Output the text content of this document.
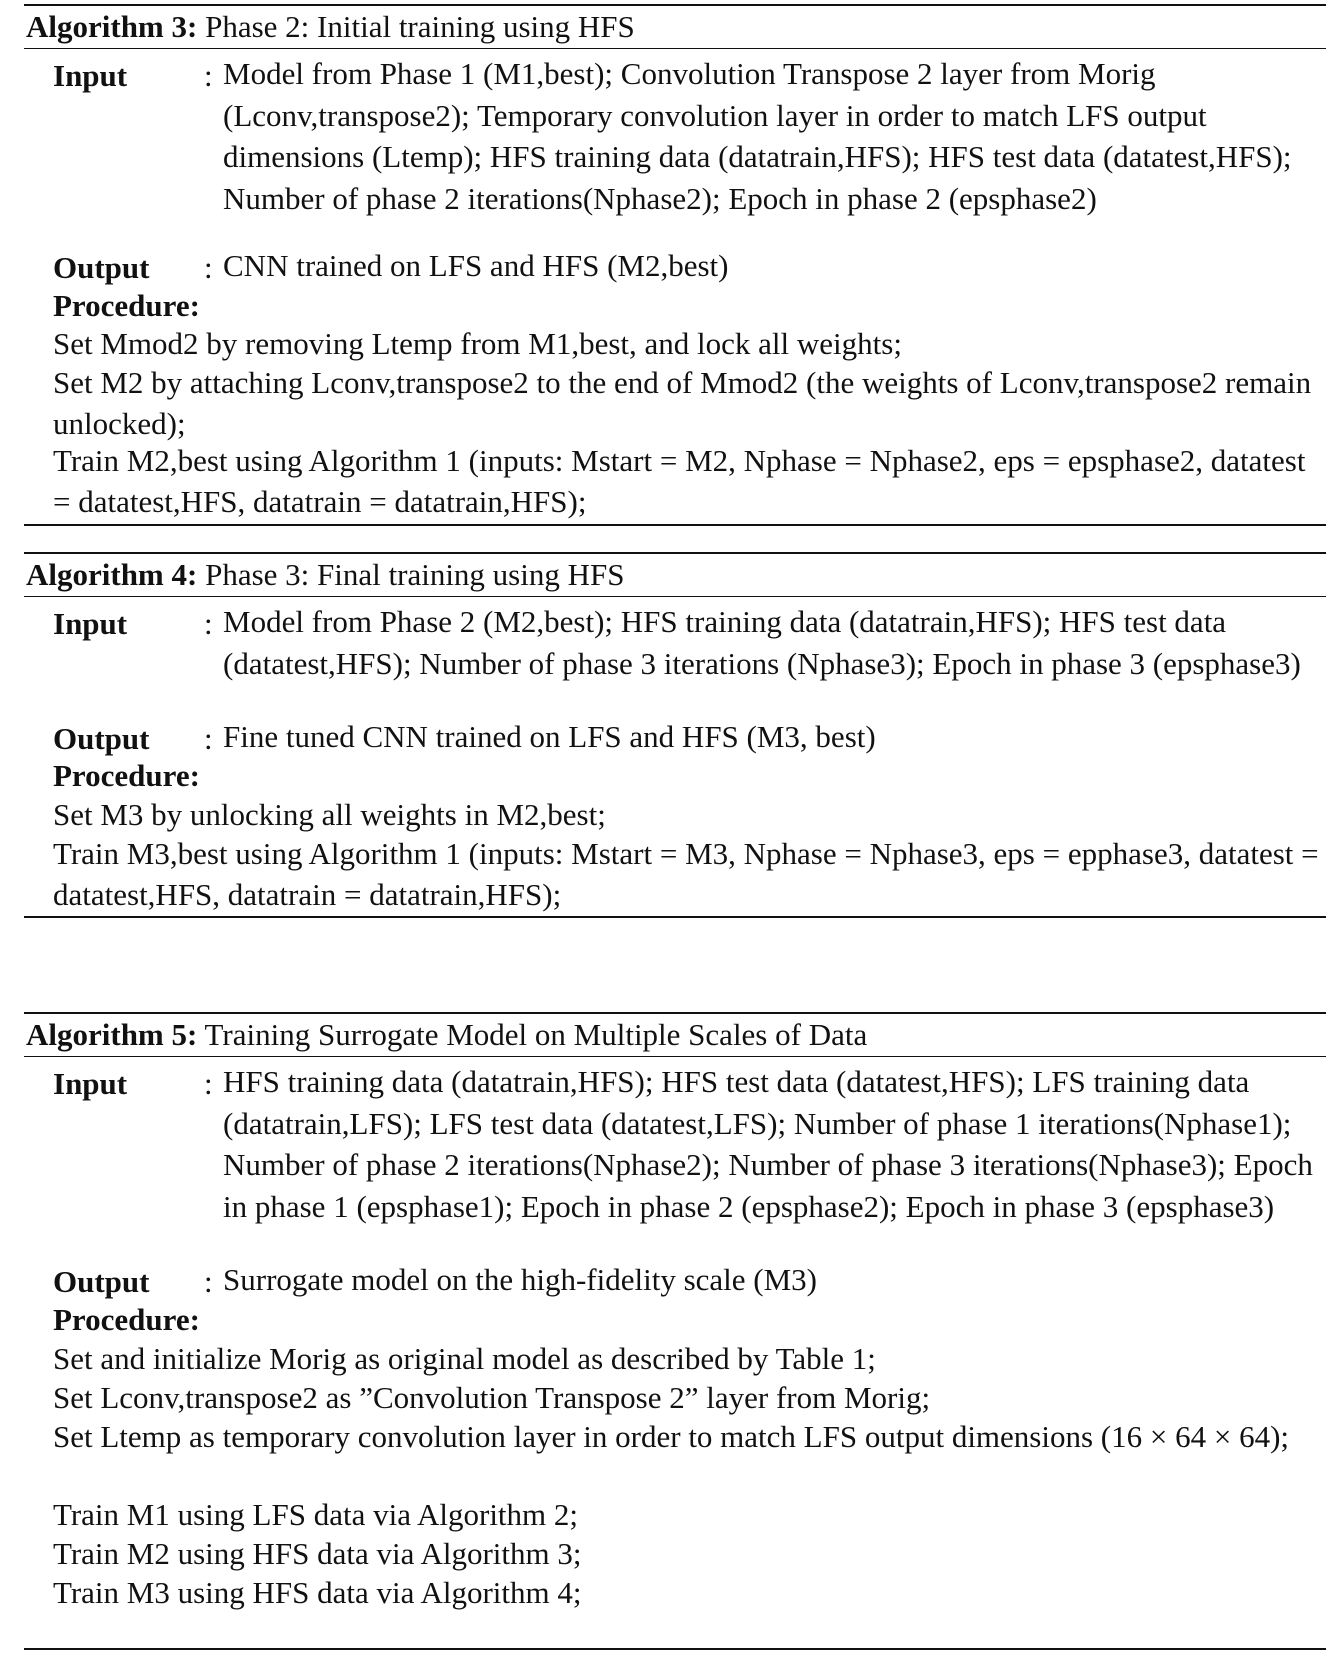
Algorithm 3: Phase 2: Initial training using HFS
Input : Model from Phase 1 (M1,best); Convolution Transpose 2 layer from Morig (Lconv,transpose2); Temporary convolution layer in order to match LFS output dimensions (Ltemp); HFS training data (datatrain,HFS); HFS test data (datatest,HFS); Number of phase 2 iterations(Nphase2); Epoch in phase 2 (epsphase2)
Output : CNN trained on LFS and HFS (M2,best)
Procedure:
Set Mmod2 by removing Ltemp from M1,best, and lock all weights;
Set M2 by attaching Lconv,transpose2 to the end of Mmod2 (the weights of Lconv,transpose2 remain unlocked);
Train M2,best using Algorithm 1 (inputs: Mstart = M2, Nphase = Nphase2, eps = epsphase2, datatest = datatest,HFS, datatrain = datatrain,HFS);
Algorithm 4: Phase 3: Final training using HFS
Input : Model from Phase 2 (M2,best); HFS training data (datatrain,HFS); HFS test data (datatest,HFS); Number of phase 3 iterations (Nphase3); Epoch in phase 3 (epsphase3)
Output : Fine tuned CNN trained on LFS and HFS (M3, best)
Procedure:
Set M3 by unlocking all weights in M2,best;
Train M3,best using Algorithm 1 (inputs: Mstart = M3, Nphase = Nphase3, eps = epphase3, datatest = datatest,HFS, datatrain = datatrain,HFS);
Algorithm 5: Training Surrogate Model on Multiple Scales of Data
Input : HFS training data (datatrain,HFS); HFS test data (datatest,HFS); LFS training data (datatrain,LFS); LFS test data (datatest,LFS); Number of phase 1 iterations(Nphase1); Number of phase 2 iterations(Nphase2); Number of phase 3 iterations(Nphase3); Epoch in phase 1 (epsphase1); Epoch in phase 2 (epsphase2); Epoch in phase 3 (epsphase3)
Output : Surrogate model on the high-fidelity scale (M3)
Procedure:
Set and initialize Morig as original model as described by Table 1;
Set Lconv,transpose2 as ”Convolution Transpose 2” layer from Morig;
Set Ltemp as temporary convolution layer in order to match LFS output dimensions (16 × 64 × 64);
Train M1 using LFS data via Algorithm 2;
Train M2 using HFS data via Algorithm 3;
Train M3 using HFS data via Algorithm 4;
